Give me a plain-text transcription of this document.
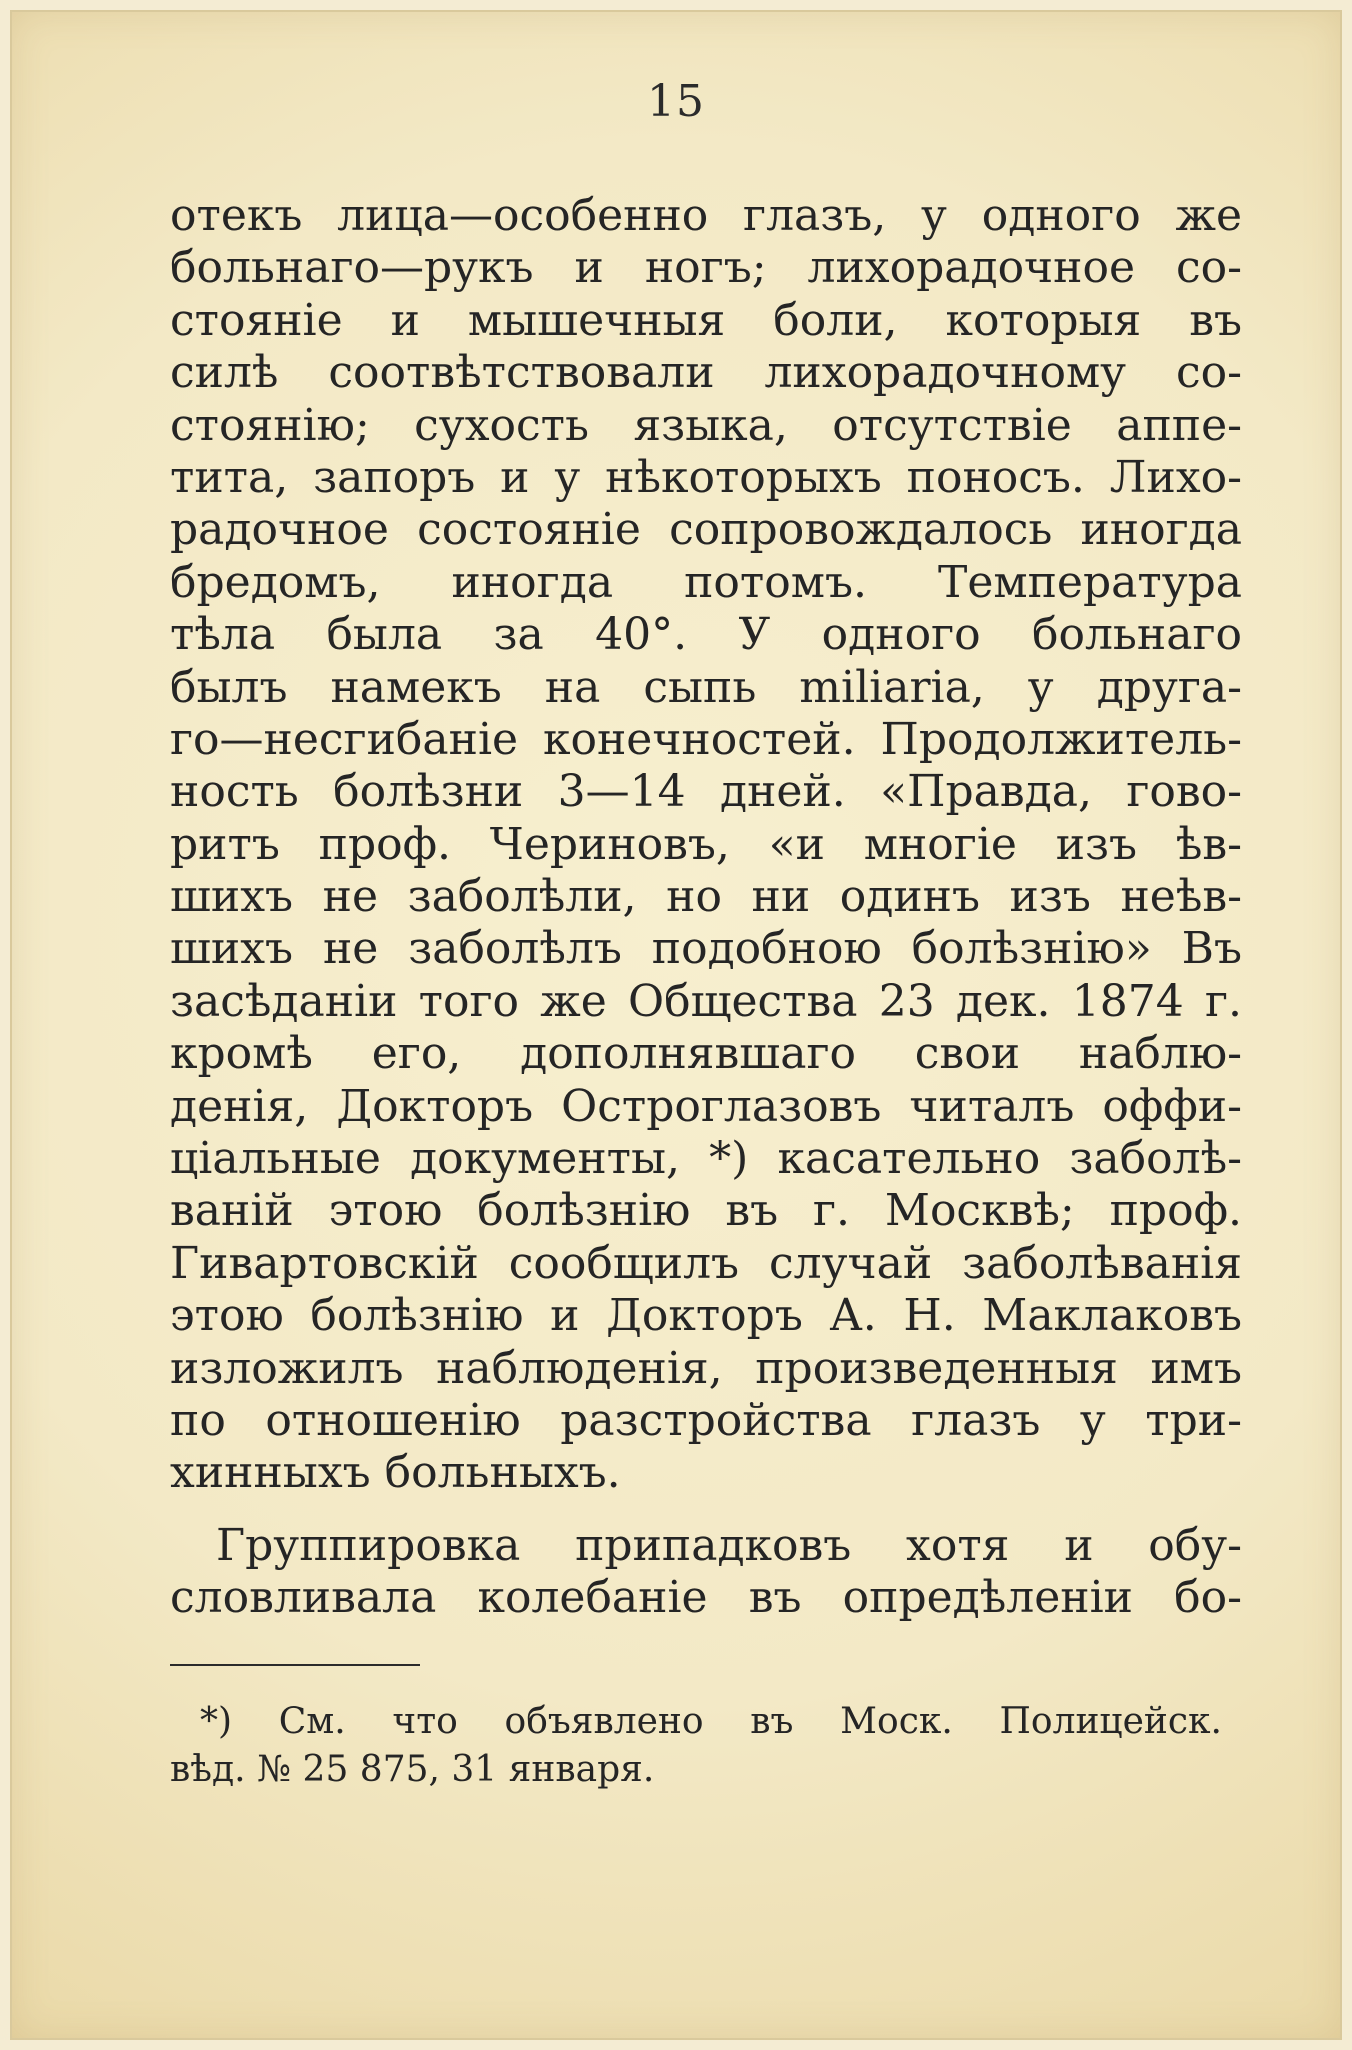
15
отекъ лица—особенно глазъ, у одного же
больнаго—рукъ и ногъ; лихорадочное со-
стояніе и мышечныя боли, которыя въ
силѣ соотвѣтствовали лихорадочному со-
стоянію; сухость языка, отсутствіе аппе-
тита, запоръ и у нѣкоторыхъ поносъ. Лихо-
радочное состояніе сопровождалось иногда
бредомъ, иногда потомъ. Температура
тѣла была за 40°. У одного больнаго
былъ намекъ на сыпь miliaria, у друга-
го—несгибаніе конечностей. Продолжитель-
ность болѣзни 3—14 дней. «Правда, гово-
ритъ проф. Чериновъ, «и многіе изъ ѣв-
шихъ не заболѣли, но ни одинъ изъ неѣв-
шихъ не заболѣлъ подобною болѣзнію» Въ
засѣданіи того же Общества 23 дек. 1874 г.
кромѣ его, дополнявшаго свои наблю-
денія, Докторъ Остроглазовъ читалъ оффи-
ціальные документы, *) касательно заболѣ-
ваній этою болѣзнію въ г. Москвѣ; проф.
Гивартовскій сообщилъ случай заболѣванія
этою болѣзнію и Докторъ А. Н. Маклаковъ
изложилъ наблюденія, произведенныя имъ
по отношенію разстройства глазъ у три-
хинныхъ больныхъ.
Группировка припадковъ хотя и обу-
словливала колебаніе въ опредѣленіи бо-
*) См. что объявлено въ Моск. Полицейск.
вѣд. № 25 875, 31 января.
